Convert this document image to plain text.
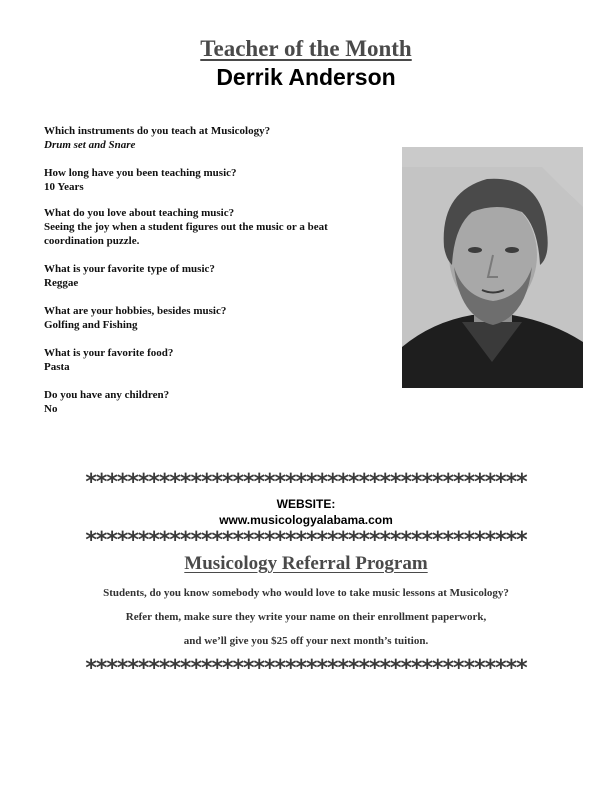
Teacher of the Month
Derrik Anderson
Which instruments do you teach at Musicology?
Drum set and Snare
How long have you been teaching music?
10 Years
What do you love about teaching music?
Seeing the joy when a student figures out the music or a beat coordination puzzle.
What is your favorite type of music?
Reggae
What are your hobbies, besides music?
Golfing and Fishing
What is your favorite food?
Pasta
Do you have any children?
No
******************************************
WEBSITE:
www.musicologyalabama.com
******************************************
Musicology Referral Program
Students, do you know somebody who would love to take music lessons at Musicology?
Refer them, make sure they write your name on their enrollment paperwork,
and we’ll give you $25 off your next month’s tuition.
******************************************
